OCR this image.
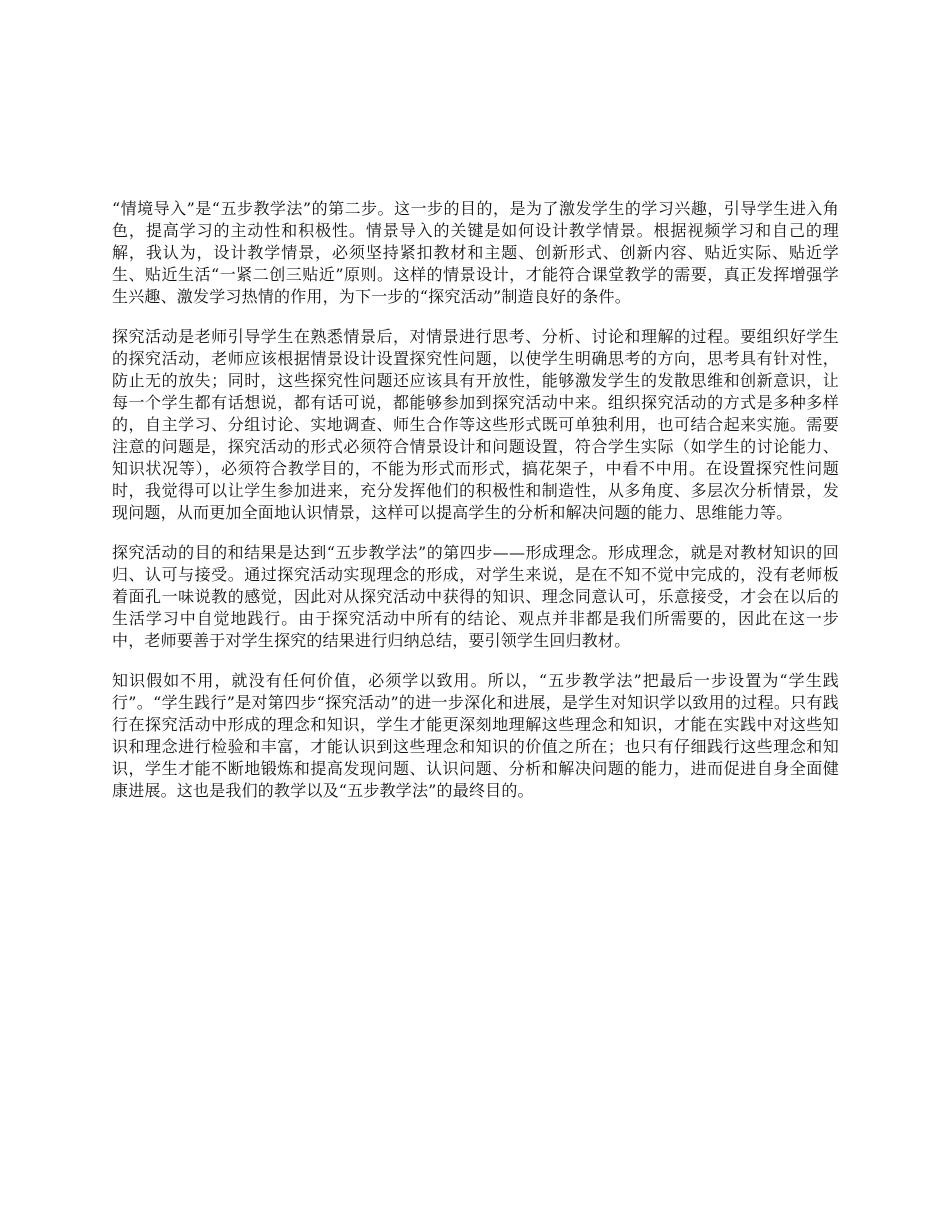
“情境导入”是“五步教学法”的第二步。这一步的目的，是为了激发学生的学习兴趣，引导学生进入角色，提高学习的主动性和积极性。情景导入的关键是如何设计教学情景。根据视频学习和自己的理解，我认为，设计教学情景，必须坚持紧扣教材和主题、创新形式、创新内容、贴近实际、贴近学生、贴近生活“一紧二创三贴近”原则。这样的情景设计，才能符合课堂教学的需要，真正发挥增强学生兴趣、激发学习热情的作用，为下一步的“探究活动”制造良好的条件。

探究活动是老师引导学生在熟悉情景后，对情景进行思考、分析、讨论和理解的过程。要组织好学生的探究活动，老师应该根据情景设计设置探究性问题，以使学生明确思考的方向，思考具有针对性，防止无的放失；同时，这些探究性问题还应该具有开放性，能够激发学生的发散思维和创新意识，让每一个学生都有话想说，都有话可说，都能够参加到探究活动中来。组织探究活动的方式是多种多样的，自主学习、分组讨论、实地调查、师生合作等这些形式既可单独利用，也可结合起来实施。需要注意的问题是，探究活动的形式必须符合情景设计和问题设置，符合学生实际（如学生的讨论能力、知识状况等），必须符合教学目的，不能为形式而形式，搞花架子，中看不中用。在设置探究性问题时，我觉得可以让学生参加进来，充分发挥他们的积极性和制造性，从多角度、多层次分析情景，发现问题，从而更加全面地认识情景，这样可以提高学生的分析和解决问题的能力、思维能力等。

探究活动的目的和结果是达到“五步教学法”的第四步——形成理念。形成理念，就是对教材知识的回归、认可与接受。通过探究活动实现理念的形成，对学生来说，是在不知不觉中完成的，没有老师板着面孔一味说教的感觉，因此对从探究活动中获得的知识、理念同意认可，乐意接受，才会在以后的生活学习中自觉地践行。由于探究活动中所有的结论、观点并非都是我们所需要的，因此在这一步中，老师要善于对学生探究的结果进行归纳总结，要引领学生回归教材。

知识假如不用，就没有任何价值，必须学以致用。所以，“五步教学法”把最后一步设置为“学生践行”。“学生践行”是对第四步“探究活动”的进一步深化和进展，是学生对知识学以致用的过程。只有践行在探究活动中形成的理念和知识，学生才能更深刻地理解这些理念和知识，才能在实践中对这些知识和理念进行检验和丰富，才能认识到这些理念和知识的价值之所在；也只有仔细践行这些理念和知识，学生才能不断地锻炼和提高发现问题、认识问题、分析和解决问题的能力，进而促进自身全面健康进展。这也是我们的教学以及“五步教学法”的最终目的。
